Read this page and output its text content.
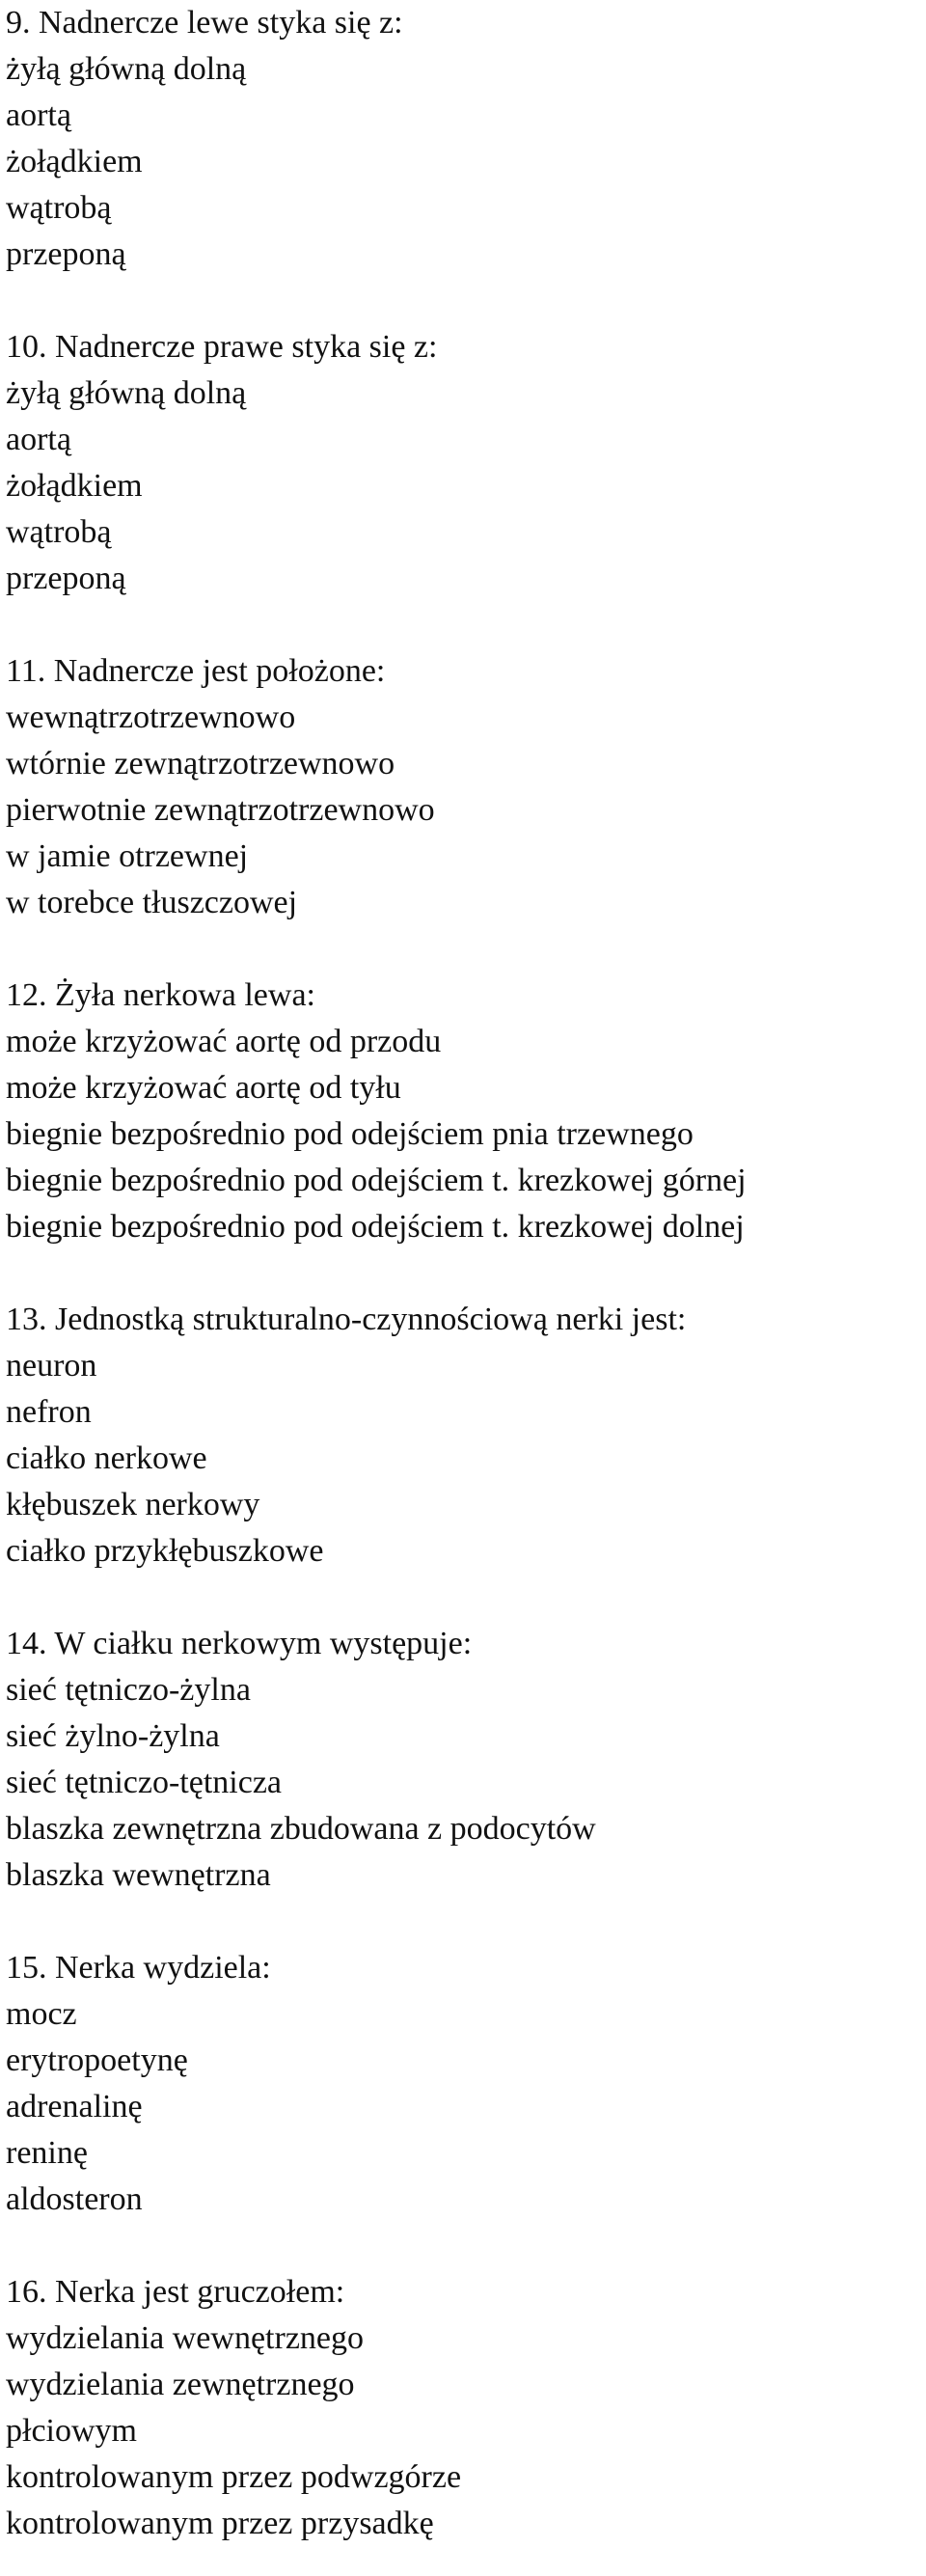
9. Nadnercze lewe styka się z:
żyłą główną dolną
aortą
żołądkiem
wątrobą
przeponą
10. Nadnercze prawe styka się z:
żyłą główną dolną
aortą
żołądkiem
wątrobą
przeponą
11. Nadnercze jest położone:
wewnątrzotrzewnowo
wtórnie zewnątrzotrzewnowo
pierwotnie zewnątrzotrzewnowo
w jamie otrzewnej
w torebce tłuszczowej
12. Żyła nerkowa lewa:
może krzyżować aortę od przodu
może krzyżować aortę od tyłu
biegnie bezpośrednio pod odejściem pnia trzewnego
biegnie bezpośrednio pod odejściem t. krezkowej górnej
biegnie bezpośrednio pod odejściem t. krezkowej dolnej
13. Jednostką strukturalno-czynnościową nerki jest:
neuron
nefron
ciałko nerkowe
kłębuszek nerkowy
ciałko przykłębuszkowe
14. W ciałku nerkowym występuje:
sieć tętniczo-żylna
sieć żylno-żylna
sieć tętniczo-tętnicza
blaszka zewnętrzna zbudowana z podocytów
blaszka wewnętrzna
15. Nerka wydziela:
mocz
erytropoetynę
adrenalinę
reninę
aldosteron
16. Nerka jest gruczołem:
wydzielania wewnętrznego
wydzielania zewnętrznego
płciowym
kontrolowanym przez podwzgórze
kontrolowanym przez przysadkę
